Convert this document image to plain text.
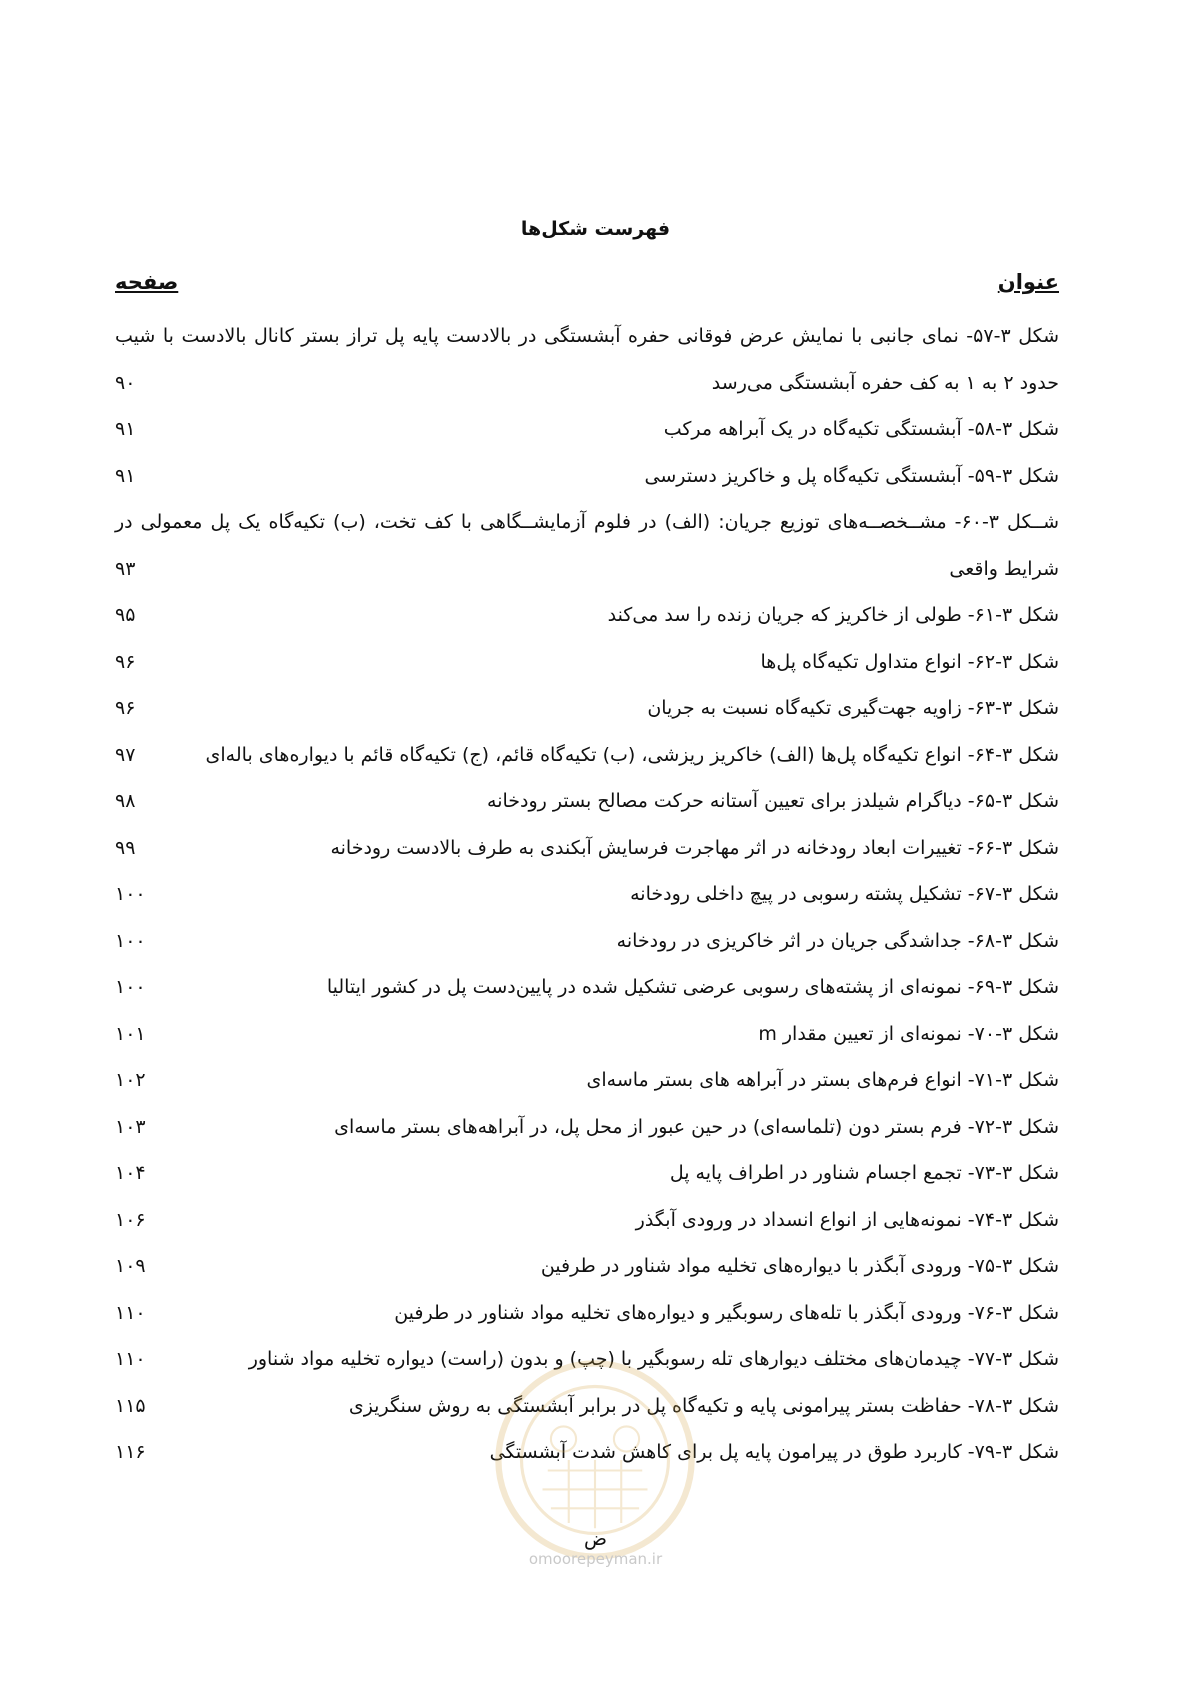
فهرست شکل‌ها
عنوان
صفحه
شکل ۳-۵۷- نمای جانبی با نمایش عرض فوقانی حفره آبشستگی در بالادست پایه پل تراز بستر کانال بالادست با شیب
حدود ۲ به ۱ به کف حفره آبشستگی می‌رسد
۹۰
شکل ۳-۵۸- آبشستگی تکیه‌گاه در یک آبراهه مرکب
۹۱
شکل ۳-۵۹- آبشستگی تکیه‌گاه پل و خاکریز دسترسی
۹۱
شــکل ۳-۶۰- مشــخصــه‌های توزیع جریان: (الف) در فلوم آزمایشــگاهی با کف تخت، (ب) تکیه‌گاه یک پل معمولی در
شرایط واقعی
۹۳
شکل ۳-۶۱- طولی از خاکریز که جریان زنده را سد می‌کند
۹۵
شکل ۳-۶۲- انواع متداول تکیه‌گاه پل‌ها
۹۶
شکل ۳-۶۳- زاویه جهت‌گیری تکیه‌گاه نسبت به جریان
۹۶
شکل ۳-۶۴- انواع تکیه‌گاه پل‌ها (الف) خاکریز ریزشی، (ب) تکیه‌گاه قائم، (ج) تکیه‌گاه قائم با دیواره‌های باله‌ای
۹۷
شکل ۳-۶۵- دیاگرام شیلدز برای تعیین آستانه حرکت مصالح بستر رودخانه
۹۸
شکل ۳-۶۶- تغییرات ابعاد رودخانه در اثر مهاجرت فرسایش آبکندی به طرف بالادست رودخانه
۹۹
شکل ۳-۶۷- تشکیل پشته رسوبی در پیچ داخلی رودخانه
۱۰۰
شکل ۳-۶۸- جداشدگی جریان در اثر خاکریزی در رودخانه
۱۰۰
شکل ۳-۶۹- نمونه‌ای از پشته‌های رسوبی عرضی تشکیل شده در پایین‌دست پل در کشور ایتالیا
۱۰۰
شکل ۳-۷۰- نمونه‌ای از تعیین مقدار m
۱۰۱
شکل ۳-۷۱- انواع فرم‌های بستر در آبراهه های بستر ماسه‌ای
۱۰۲
شکل ۳-۷۲- فرم بستر دون (تلماسه‌ای) در حین عبور از محل پل، در آبراهه‌های بستر ماسه‌ای
۱۰۳
شکل ۳-۷۳- تجمع اجسام شناور در اطراف پایه پل
۱۰۴
شکل ۳-۷۴- نمونه‌هایی از انواع انسداد در ورودی آبگذر
۱۰۶
شکل ۳-۷۵- ورودی آبگذر با دیواره‌های تخلیه مواد شناور در طرفین
۱۰۹
شکل ۳-۷۶- ورودی آبگذر با تله‌های رسوبگیر و دیواره‌های تخلیه مواد شناور در طرفین
۱۱۰
شکل ۳-۷۷- چیدمان‌های مختلف دیوارهای تله رسوبگیر با (چپ) و بدون (راست) دیواره تخلیه مواد شناور
۱۱۰
شکل ۳-۷۸- حفاظت بستر پیرامونی پایه و تکیه‌گاه پل در برابر آبشستگی به روش سنگریزی
۱۱۵
شکل ۳-۷۹- کاربرد طوق در پیرامون پایه پل برای کاهش شدت آبشستگی
۱۱۶
ض
omoorepeyman.ir
